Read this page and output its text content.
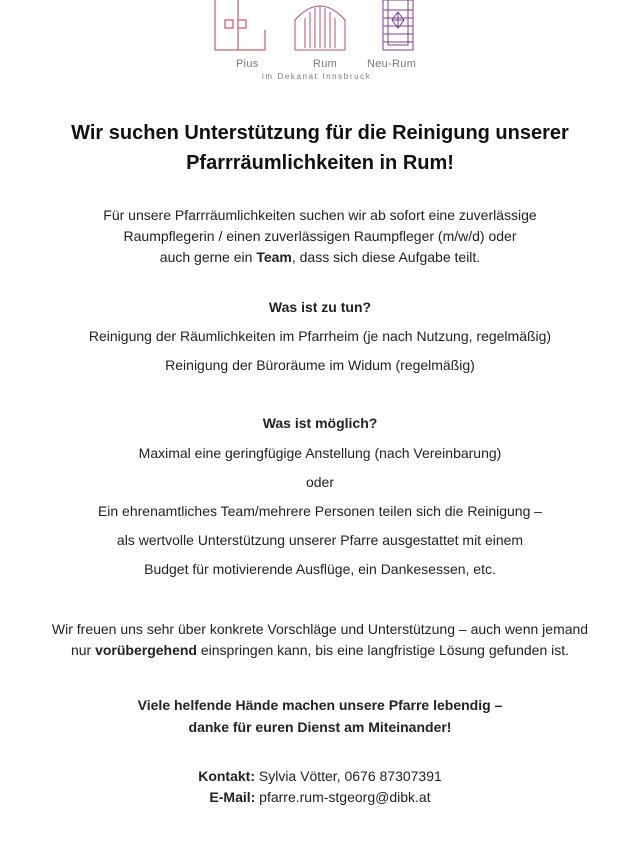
Pius	Rum	Neu-Rum
im Dekanat Innsbruck
Wir suchen Unterstützung für die Reinigung unserer
Pfarrräumlichkeiten in Rum!
Für unsere Pfarrräumlichkeiten suchen wir ab sofort eine zuverlässige
Raumpflegerin / einen zuverlässigen Raumpfleger (m/w/d) oder
auch gerne ein Team, dass sich diese Aufgabe teilt.
Was ist zu tun?
Reinigung der Räumlichkeiten im Pfarrheim (je nach Nutzung, regelmäßig)
Reinigung der Büroräume im Widum (regelmäßig)
Was ist möglich?
Maximal eine geringfügige Anstellung (nach Vereinbarung)
oder
Ein ehrenamtliches Team/mehrere Personen teilen sich die Reinigung –
als wertvolle Unterstützung unserer Pfarre ausgestattet mit einem
Budget für motivierende Ausflüge, ein Dankesessen, etc.
Wir freuen uns sehr über konkrete Vorschläge und Unterstützung – auch wenn jemand
nur vorübergehend einspringen kann, bis eine langfristige Lösung gefunden ist.
Viele helfende Hände machen unsere Pfarre lebendig –
danke für euren Dienst am Miteinander!
Kontakt: Sylvia Vötter, 0676 87307391
E-Mail: pfarre.rum-stgeorg@dibk.at
